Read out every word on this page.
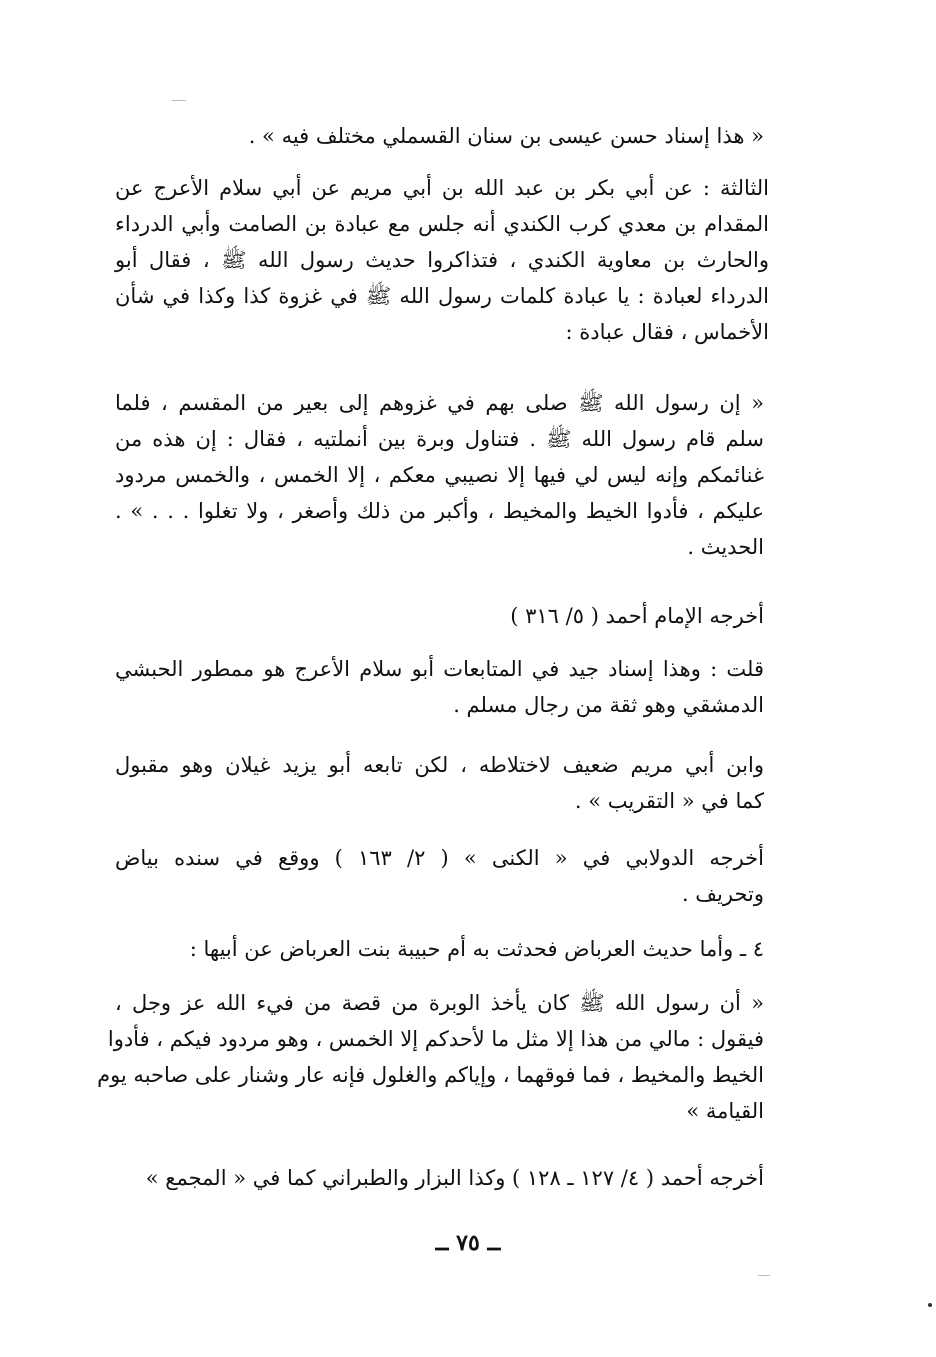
« هذا إسناد حسن عيسى بن سنان القسملي مختلف فيه » .
الثالثة : عن أبي بكر بن عبد الله بن أبي مريم عن أبي سلام الأعرج عن
المقدام بن معدي كرب الكندي أنه جلس مع عبادة بن الصامت وأبي الدرداء
والحارث بن معاوية الكندي ، فتذاكروا حديث رسول الله ﷺ ، فقال أبو
الدرداء لعبادة : يا عبادة كلمات رسول الله ﷺ في غزوة كذا وكذا في شأن
الأخماس ، فقال عبادة :
« إن رسول الله ﷺ صلى بهم في غزوهم إلى بعير من المقسم ، فلما
سلم قام رسول الله ﷺ . فتناول وبرة بين أنملتيه ، فقال : إن هذه من
غنائمكم وإنه ليس لي فيها إلا نصيبي معكم ، إلا الخمس ، والخمس مردود
عليكم ، فأدوا الخيط والمخيط ، وأكبر من ذلك وأصغر ، ولا تغلوا . . . » .
الحديث .
أخرجه الإمام أحمد ( ٥/ ٣١٦ )
قلت : وهذا إسناد جيد في المتابعات أبو سلام الأعرج هو ممطور الحبشي
الدمشقي وهو ثقة من رجال مسلم .
وابن أبي مريم ضعيف لاختلاطه ، لكن تابعه أبو يزيد غيلان وهو مقبول
كما في « التقريب » .
أخرجه الدولابي في « الكنى » ( ٢/ ١٦٣ ) ووقع في سنده بياض
وتحريف .
٤ ـ وأما حديث العرباض فحدثت به أم حبيبة بنت العرباض عن أبيها :
« أن رسول الله ﷺ كان يأخذ الوبرة من قصة من فيء الله عز وجل ،
فيقول : مالي من هذا إلا مثل ما لأحدكم إلا الخمس ، وهو مردود فيكم ، فأدوا
الخيط والمخيط ، فما فوقهما ، وإياكم والغلول فإنه عار وشنار على صاحبه يوم
القيامة »
أخرجه أحمد ( ٤/ ١٢٧ ـ ١٢٨ ) وكذا البزار والطبراني كما في « المجمع »
ــ ٧٥ ــ
